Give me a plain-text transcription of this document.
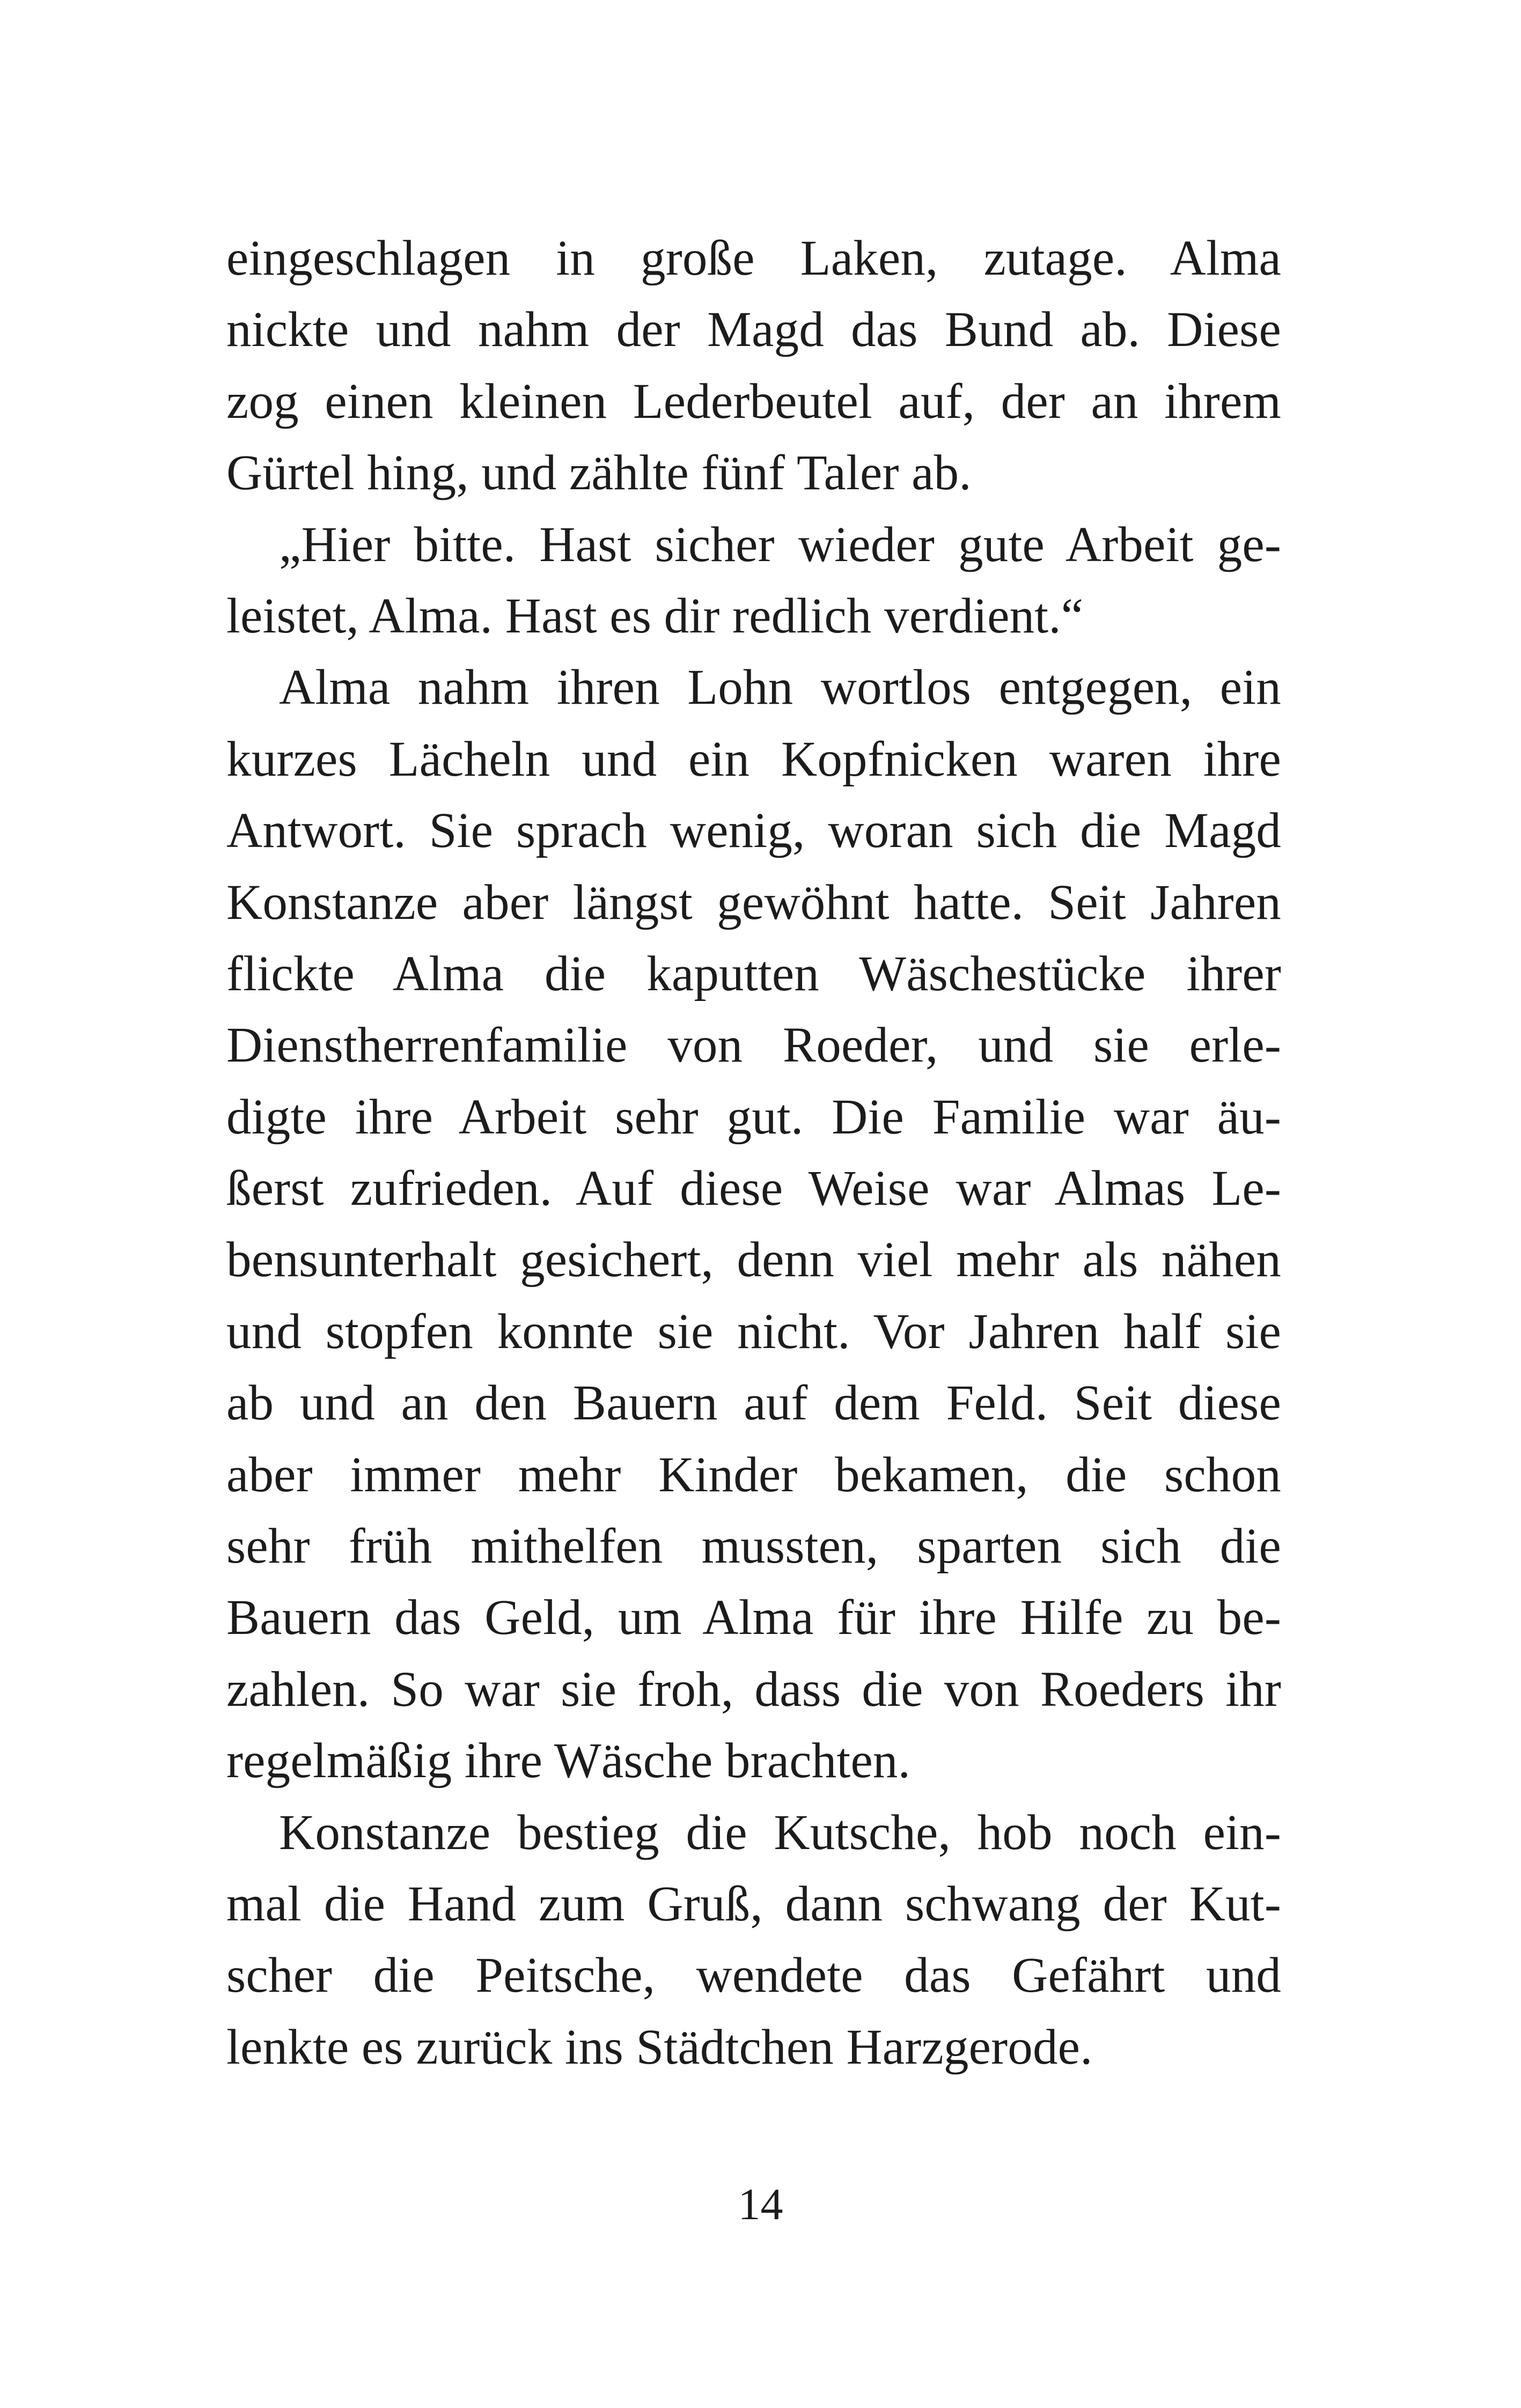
eingeschlagen in große Laken, zutage. Alma
nickte und nahm der Magd das Bund ab. Diese
zog einen kleinen Lederbeutel auf, der an ihrem
Gürtel hing, und zählte fünf Taler ab.
„Hier bitte. Hast sicher wieder gute Arbeit ge-
leistet, Alma. Hast es dir redlich verdient.“
Alma nahm ihren Lohn wortlos entgegen, ein
kurzes Lächeln und ein Kopfnicken waren ihre
Antwort. Sie sprach wenig, woran sich die Magd
Konstanze aber längst gewöhnt hatte. Seit Jahren
flickte Alma die kaputten Wäschestücke ihrer
Dienstherrenfamilie von Roeder, und sie erle-
digte ihre Arbeit sehr gut. Die Familie war äu-
ßerst zufrieden. Auf diese Weise war Almas Le-
bensunterhalt gesichert, denn viel mehr als nähen
und stopfen konnte sie nicht. Vor Jahren half sie
ab und an den Bauern auf dem Feld. Seit diese
aber immer mehr Kinder bekamen, die schon
sehr früh mithelfen mussten, sparten sich die
Bauern das Geld, um Alma für ihre Hilfe zu be-
zahlen. So war sie froh, dass die von Roeders ihr
regelmäßig ihre Wäsche brachten.
Konstanze bestieg die Kutsche, hob noch ein-
mal die Hand zum Gruß, dann schwang der Kut-
scher die Peitsche, wendete das Gefährt und
lenkte es zurück ins Städtchen Harzgerode.
14
